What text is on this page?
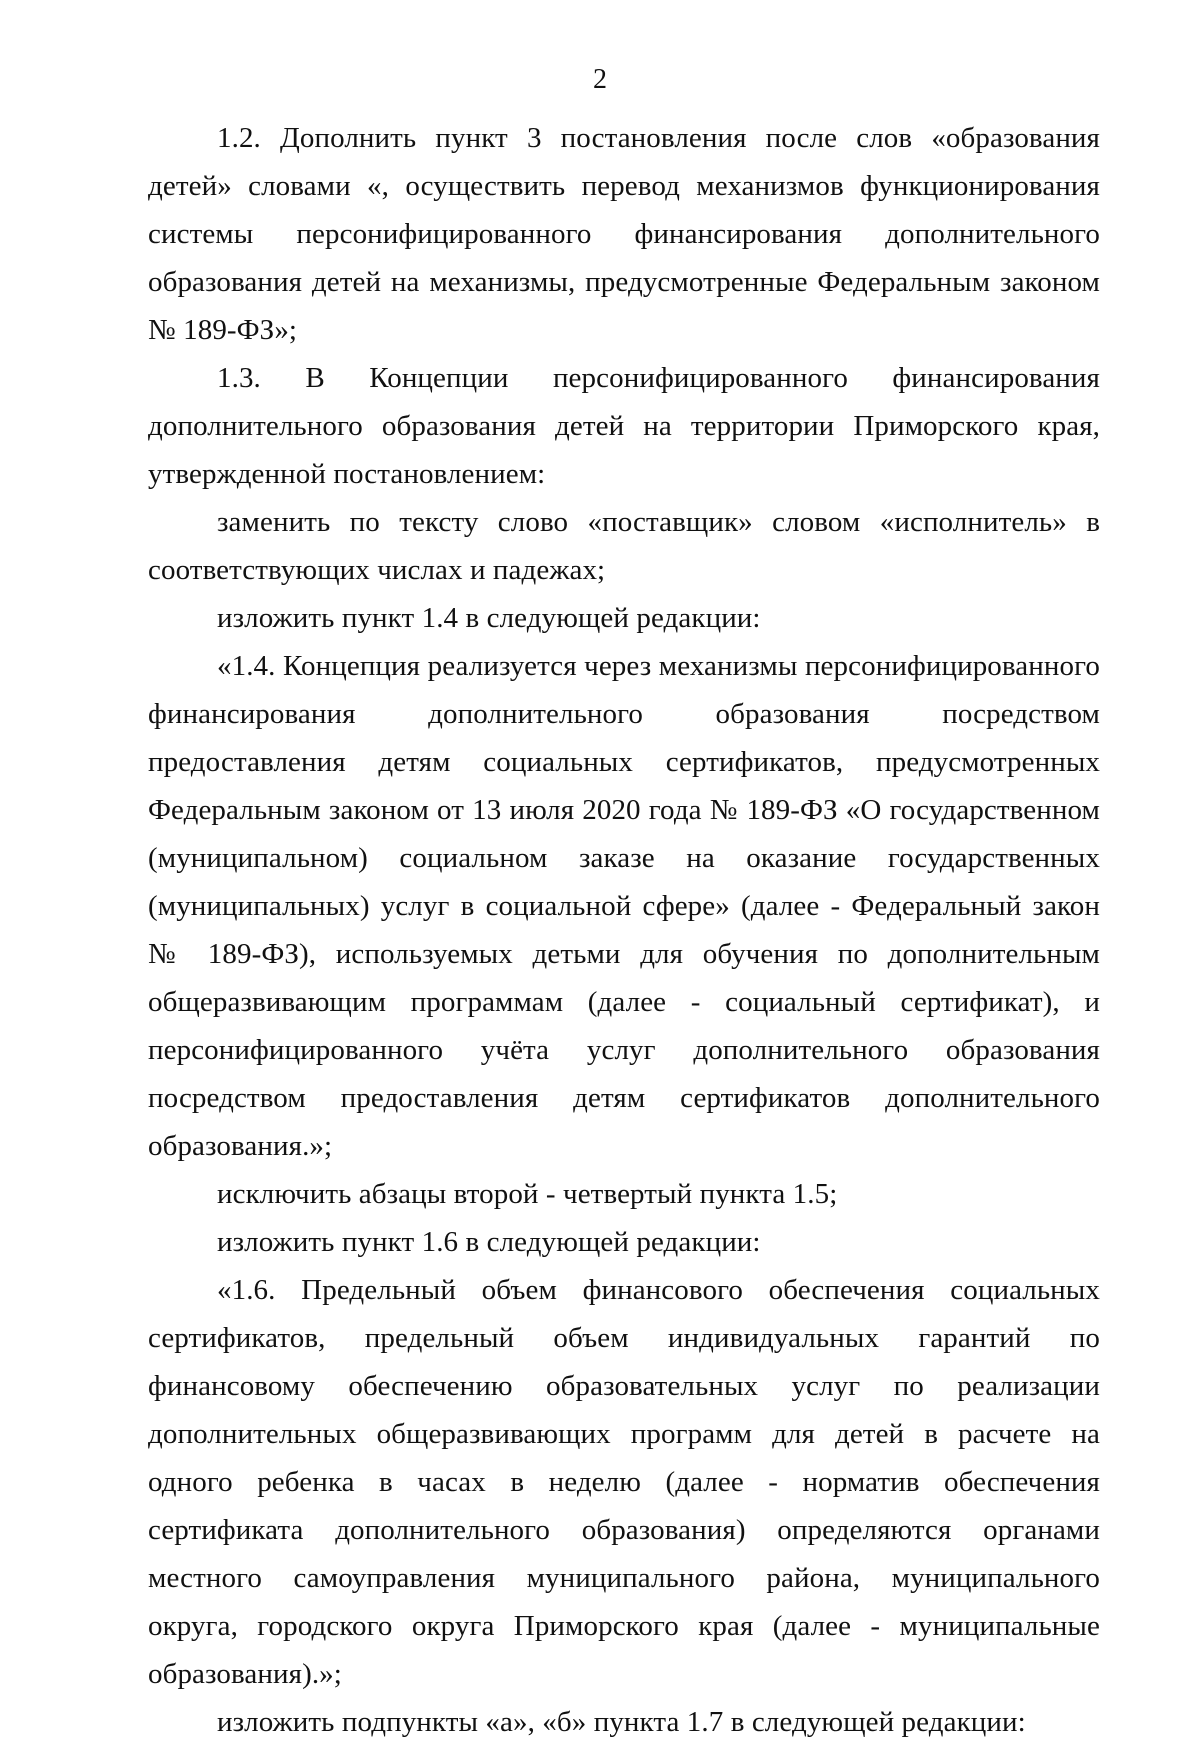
2

1.2. Дополнить пункт 3 постановления после слов «образования детей» словами «, осуществить перевод механизмов функционирования системы персонифицированного финансирования дополнительного образования детей на механизмы, предусмотренные Федеральным законом № 189-ФЗ»;

1.3. В Концепции персонифицированного финансирования дополнительного образования детей на территории Приморского края, утвержденной постановлением:

заменить по тексту слово «поставщик» словом «исполнитель» в соответствующих числах и падежах;

изложить пункт 1.4 в следующей редакции:

«1.4. Концепция реализуется через механизмы персонифицированного финансирования дополнительного образования посредством предоставления детям социальных сертификатов, предусмотренных Федеральным законом от 13 июля 2020 года № 189-ФЗ «О государственном (муниципальном) социальном заказе на оказание государственных (муниципальных) услуг в социальной сфере» (далее - Федеральный закон № 189-ФЗ), используемых детьми для обучения по дополнительным общеразвивающим программам (далее - социальный сертификат), и персонифицированного учёта услуг дополнительного образования посредством предоставления детям сертификатов дополнительного образования.»;

исключить абзацы второй - четвертый пункта 1.5;

изложить пункт 1.6 в следующей редакции:

«1.6. Предельный объем финансового обеспечения социальных сертификатов, предельный объем индивидуальных гарантий по финансовому обеспечению образовательных услуг по реализации дополнительных общеразвивающих программ для детей в расчете на одного ребенка в часах в неделю (далее - норматив обеспечения сертификата дополнительного образования) определяются органами местного самоуправления муниципального района, муниципального округа, городского округа Приморского края (далее - муниципальные образования).»;

изложить подпункты «а», «б» пункта 1.7 в следующей редакции:
